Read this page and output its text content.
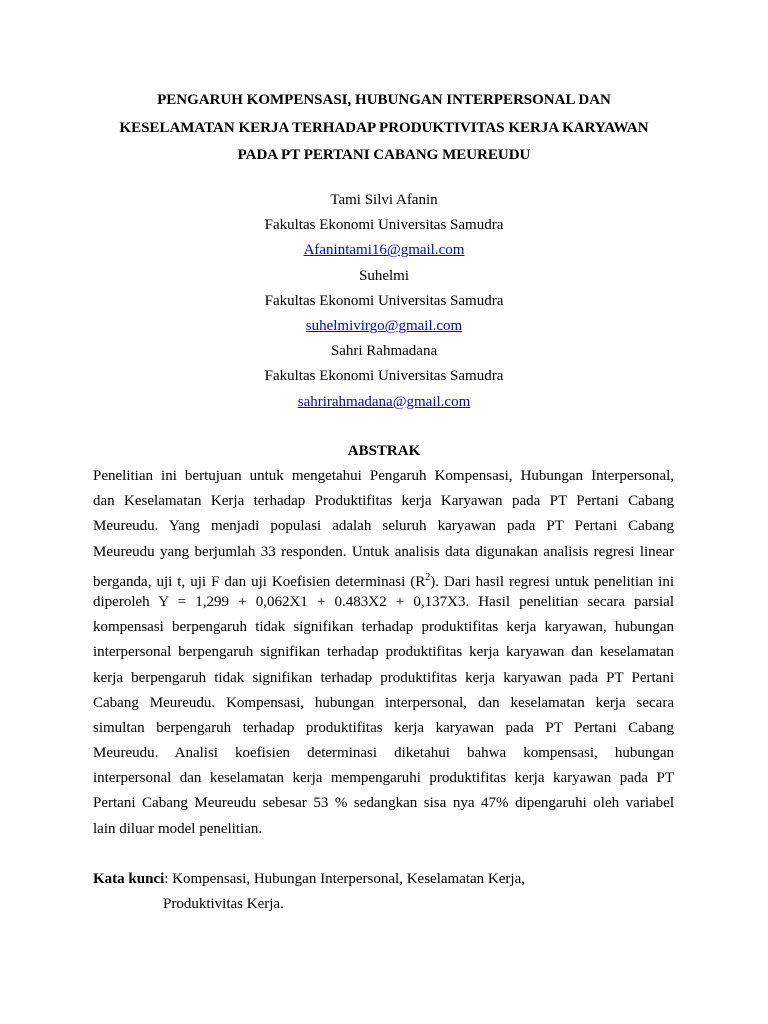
PENGARUH KOMPENSASI, HUBUNGAN INTERPERSONAL DAN
KESELAMATAN KERJA TERHADAP PRODUKTIVITAS KERJA KARYAWAN
PADA PT PERTANI CABANG MEUREUDU
Tami Silvi Afanin
Fakultas Ekonomi Universitas Samudra
Afanintami16@gmail.com
Suhelmi
Fakultas Ekonomi Universitas Samudra
suhelmivirgo@gmail.com
Sahri Rahmadana
Fakultas Ekonomi Universitas Samudra
sahrirahmadana@gmail.com
ABSTRAK
Penelitian ini bertujuan untuk mengetahui Pengaruh Kompensasi, Hubungan Interpersonal,
dan Keselamatan Kerja terhadap Produktifitas kerja Karyawan pada PT Pertani Cabang
Meureudu. Yang menjadi populasi adalah seluruh karyawan pada PT Pertani Cabang
Meureudu yang berjumlah 33 responden. Untuk analisis data digunakan analisis regresi linear
berganda, uji t, uji F dan uji Koefisien determinasi $(R^2)$. Dari hasil regresi untuk penelitian ini
diperoleh Y = 1,299 + 0,062X1 + 0.483X2 + 0,137X3. Hasil penelitian secara parsial
kompensasi berpengaruh tidak signifikan terhadap produktifitas kerja karyawan, hubungan
interpersonal berpengaruh signifikan terhadap produktifitas kerja karyawan dan keselamatan
kerja berpengaruh tidak signifikan terhadap produktifitas kerja karyawan pada PT Pertani
Cabang Meureudu. Kompensasi, hubungan interpersonal, dan keselamatan kerja secara
simultan berpengaruh terhadap produktifitas kerja karyawan pada PT Pertani Cabang
Meureudu. Analisi koefisien determinasi diketahui bahwa kompensasi, hubungan
interpersonal dan keselamatan kerja mempengaruhi produktifitas kerja karyawan pada PT
Pertani Cabang Meureudu sebesar 53 % sedangkan sisa nya 47% dipengaruhi oleh variabel
lain diluar model penelitian.
Kata kunci: Kompensasi, Hubungan Interpersonal, Keselamatan Kerja,
Produktivitas Kerja.
